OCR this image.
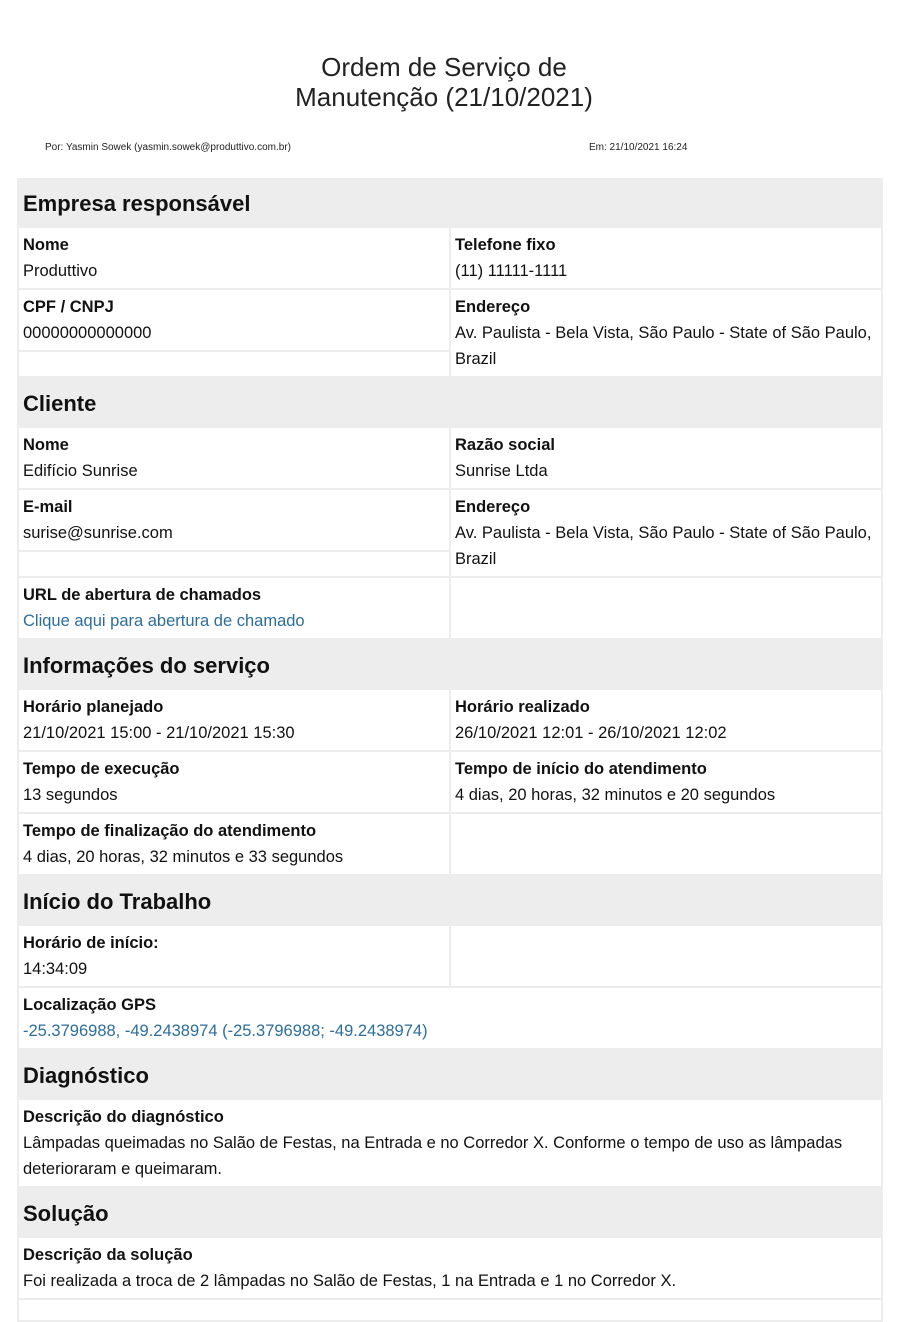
Ordem de Serviço de
Manutenção (21/10/2021)
Por: Yasmin Sowek (yasmin.sowek@produttivo.com.br)	Em: 21/10/2021 16:24
Empresa responsável
Nome
Produttivo
Telefone fixo
(11) 11111-1111
CPF / CNPJ
00000000000000
Endereço
Av. Paulista - Bela Vista, São Paulo - State of São Paulo, Brazil
Cliente
Nome
Edifício Sunrise
Razão social
Sunrise Ltda
E-mail
surise@sunrise.com
Endereço
Av. Paulista - Bela Vista, São Paulo - State of São Paulo, Brazil
URL de abertura de chamados
Clique aqui para abertura de chamado
Informações do serviço
Horário planejado
21/10/2021 15:00 - 21/10/2021 15:30
Horário realizado
26/10/2021 12:01 - 26/10/2021 12:02
Tempo de execução
13 segundos
Tempo de início do atendimento
4 dias, 20 horas, 32 minutos e 20 segundos
Tempo de finalização do atendimento
4 dias, 20 horas, 32 minutos e 33 segundos
Início do Trabalho
Horário de início:
14:34:09
Localização GPS
-25.3796988, -49.2438974 (-25.3796988; -49.2438974)
Diagnóstico
Descrição do diagnóstico
Lâmpadas queimadas no Salão de Festas, na Entrada e no Corredor X. Conforme o tempo de uso as lâmpadas deterioraram e queimaram.
Solução
Descrição da solução
Foi realizada a troca de 2 lâmpadas no Salão de Festas, 1 na Entrada e 1 no Corredor X.
